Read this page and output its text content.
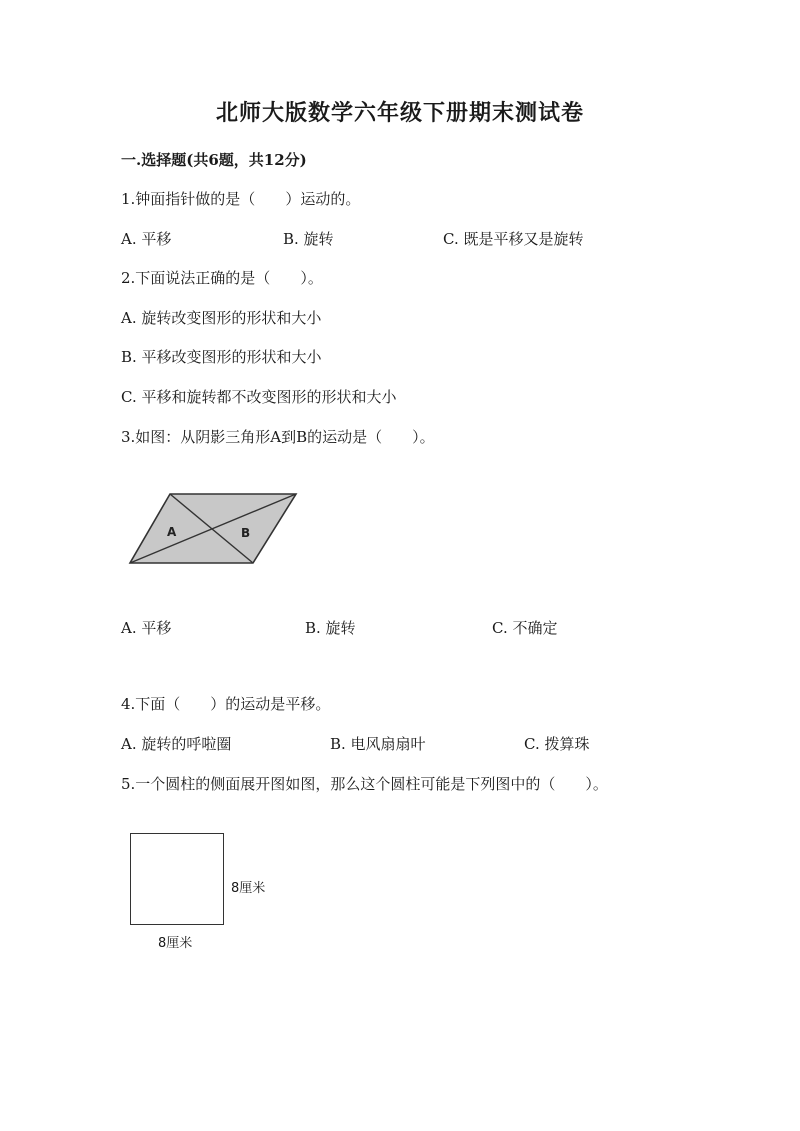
北师大版数学六年级下册期末测试卷
一.选择题(共6题，共12分)
1.钟面指针做的是（　　）运动的。
A. 平移	B. 旋转	C. 既是平移又是旋转
2.下面说法正确的是（　　）。
A. 旋转改变图形的形状和大小
B. 平移改变图形的形状和大小
C. 平移和旋转都不改变图形的形状和大小
3.如图：从阴影三角形A到B的运动是（　　）。
A	B
A. 平移	B. 旋转	C. 不确定
4.下面（　　）的运动是平移。
A. 旋转的呼啦圈	B. 电风扇扇叶	C. 拨算珠
5.一个圆柱的侧面展开图如图，那么这个圆柱可能是下列图中的（　　）。
8厘米
8厘米
